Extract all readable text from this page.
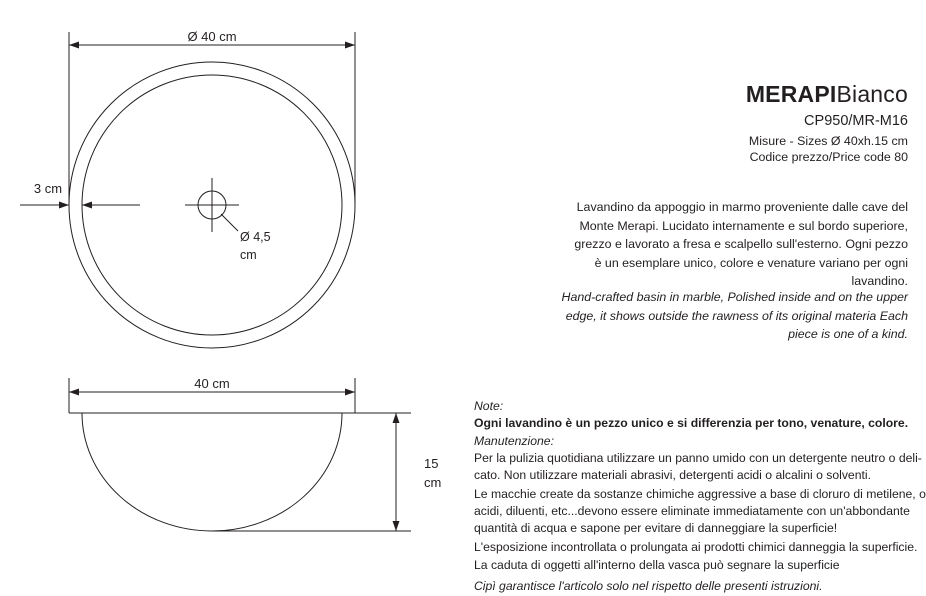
Ø 40 cm
3 cm
Ø 4,5
cm
40 cm
15
cm
MERAPIBianco
CP950/MR-M16
Misure - Sizes Ø 40xh.15 cm
Codice prezzo/Price code 80
Lavandino da appoggio in marmo proveniente dalle cave del Monte Merapi. Lucidato internamente e sul bordo superiore, grezzo e lavorato a fresa e scalpello sull'esterno. Ogni pezzo è un esemplare unico, colore e venature variano per ogni lavandino.
Hand-crafted basin in marble, Polished inside and on the upper edge, it shows outside the rawness of its original materia Each piece is one of a kind.

Note:

Ogni lavandino è un pezzo unico e si differenzia per tono, venature, colore.

Manutenzione:

Per la pulizia quotidiana utilizzare un panno umido con un detergente neutro o deli-cato. Non utilizzare materiali abrasivi, detergenti acidi o alcalini o solventi.

Le macchie create da sostanze chimiche aggressive a base di cloruro di metilene, o acidi, diluenti, etc...devono essere eliminate immediatamente con un'abbondante quantità di acqua e sapone per evitare di danneggiare la superficie!

L'esposizione incontrollata o prolungata ai prodotti chimici danneggia la superficie.

La caduta di oggetti all'interno della vasca può segnare la superficie

Cipì garantisce l'articolo solo nel rispetto delle presenti istruzioni.
